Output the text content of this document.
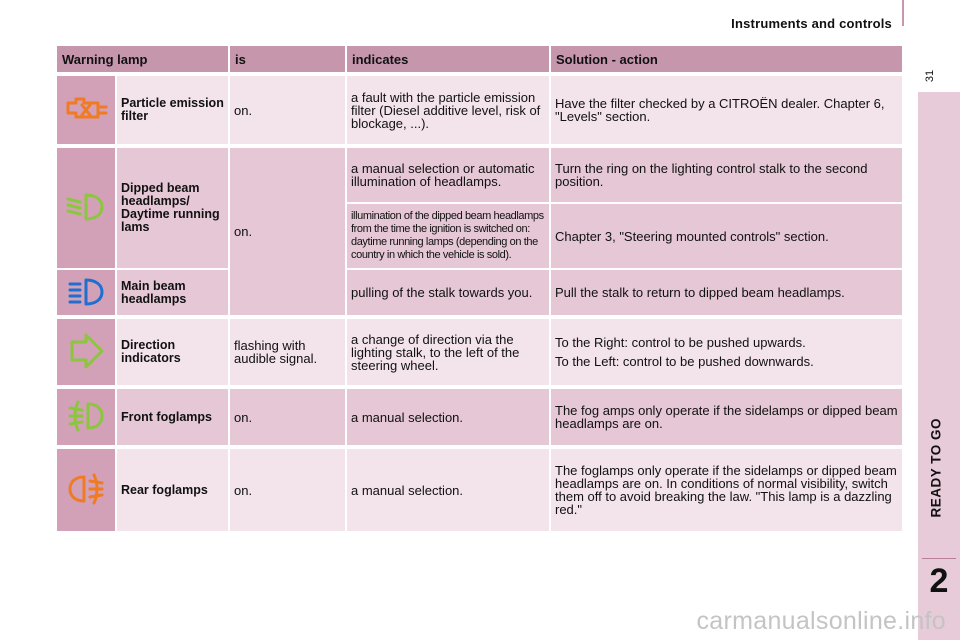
Instruments and controls
31
READY TO GO
2
Warning lamp		is	indicates	Solution - action

	Particle emission filter	on.	a fault with the particle emission filter (Diesel additive level, risk of blockage, ...).	Have the filter checked by a CITROËN dealer. Chapter 6, "Levels" section.

	Dipped beam headlamps/ Daytime running lams	on.	a manual selection or automatic illumination of headlamps.	Turn the ring on the lighting control stalk to the second position.
			illumination of the dipped beam headlamps from the time the ignition is switched on: daytime running lamps (depending on the country in which the vehicle is sold).	Chapter 3, "Steering mounted controls" section.
	Main beam headlamps		pulling of the stalk towards you.	Pull the stalk to return to dipped beam headlamps.

	Direction indicators	flashing with audible signal.	a change of direction via the lighting stalk, to the left of the steering wheel.	To the Right: control to be pushed upwards.
To the Left: control to be pushed downwards.

	Front foglamps	on.	a manual selection.	The fog amps only operate if the sidelamps or dipped beam headlamps are on.

	Rear foglamps	on.	a manual selection.	The foglamps only operate if the sidelamps or dipped beam headlamps are on. In conditions of normal visibility, switch them off to avoid breaking the law. "This lamp is a dazzling red."
carmanualsonline.info
